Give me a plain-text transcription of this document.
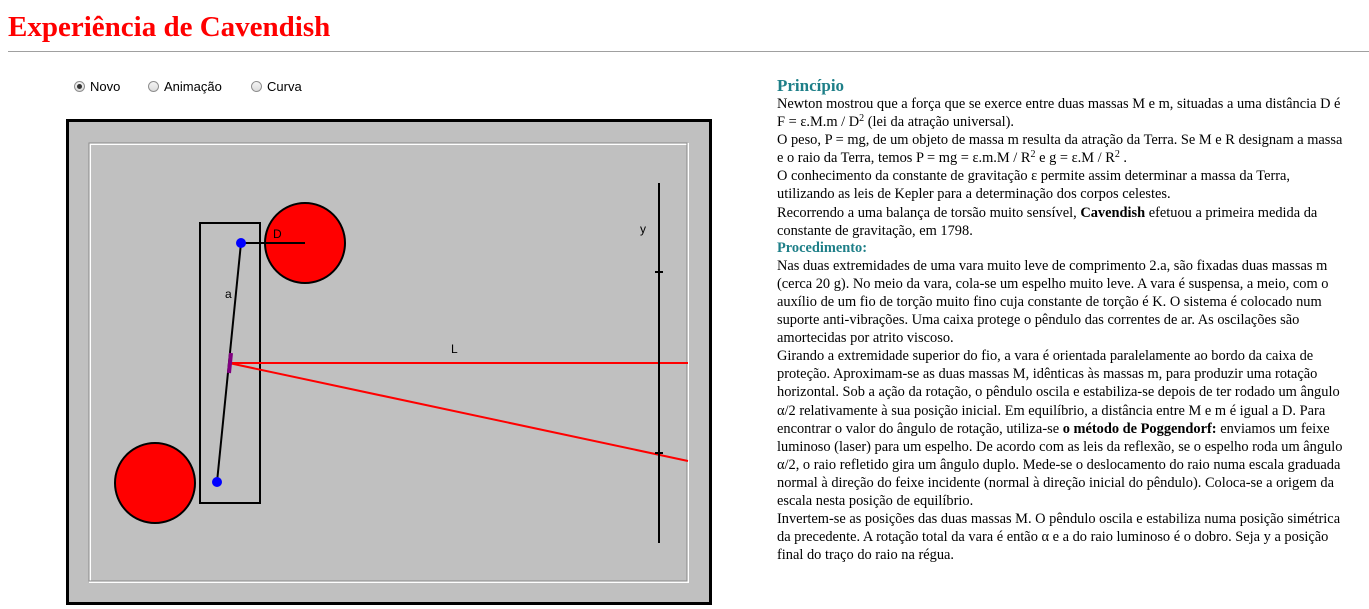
Experiência de Cavendish
Novo	Animação	Curva
D
a
L
y
Princípio

Newton mostrou que a força que se exerce entre duas massas M e m, situadas a uma distância D é $F = \varepsilon.M.m / D^2$ (lei da atração universal).

O peso, P = mg, de um objeto de massa m resulta da atração da Terra. Se M e R designam a massa e o raio da Terra, temos P = mg = $\varepsilon.m.M / R^2$ e $g = \varepsilon.M / R^2$ .

O conhecimento da constante de gravitação ε permite assim determinar a massa da Terra, utilizando as leis de Kepler para a determinação dos corpos celestes.

Recorrendo a uma balança de torsão muito sensível, Cavendish efetuou a primeira medida da constante de gravitação, em 1798.

Procedimento:

Nas duas extremidades de uma vara muito leve de comprimento 2.a, são fixadas duas massas m (cerca 20 g). No meio da vara, cola-se um espelho muito leve. A vara é suspensa, a meio, com o auxílio de um fio de torção muito fino cuja constante de torção é K. O sistema é colocado num suporte anti-vibrações. Uma caixa protege o pêndulo das correntes de ar. As oscilações são amortecidas por atrito viscoso.

Girando a extremidade superior do fio, a vara é orientada paralelamente ao bordo da caixa de proteção. Aproximam-se as duas massas M, idênticas às massas m, para produzir uma rotação horizontal. Sob a ação da rotação, o pêndulo oscila e estabiliza-se depois de ter rodado um ângulo α/2 relativamente à sua posição inicial. Em equilíbrio, a distância entre M e m é igual a D. Para encontrar o valor do ângulo de rotação, utiliza-se o método de Poggendorf: enviamos um feixe luminoso (laser) para um espelho. De acordo com as leis da reflexão, se o espelho roda um ângulo α/2, o raio refletido gira um ângulo duplo. Mede-se o deslocamento do raio numa escala graduada normal à direção do feixe incidente (normal à direção inicial do pêndulo). Coloca-se a origem da escala nesta posição de equilíbrio.

Invertem-se as posições das duas massas M. O pêndulo oscila e estabiliza numa posição simétrica da precedente. A rotação total da vara é então α e a do raio luminoso é o dobro. Seja y a posição final do traço do raio na régua.
